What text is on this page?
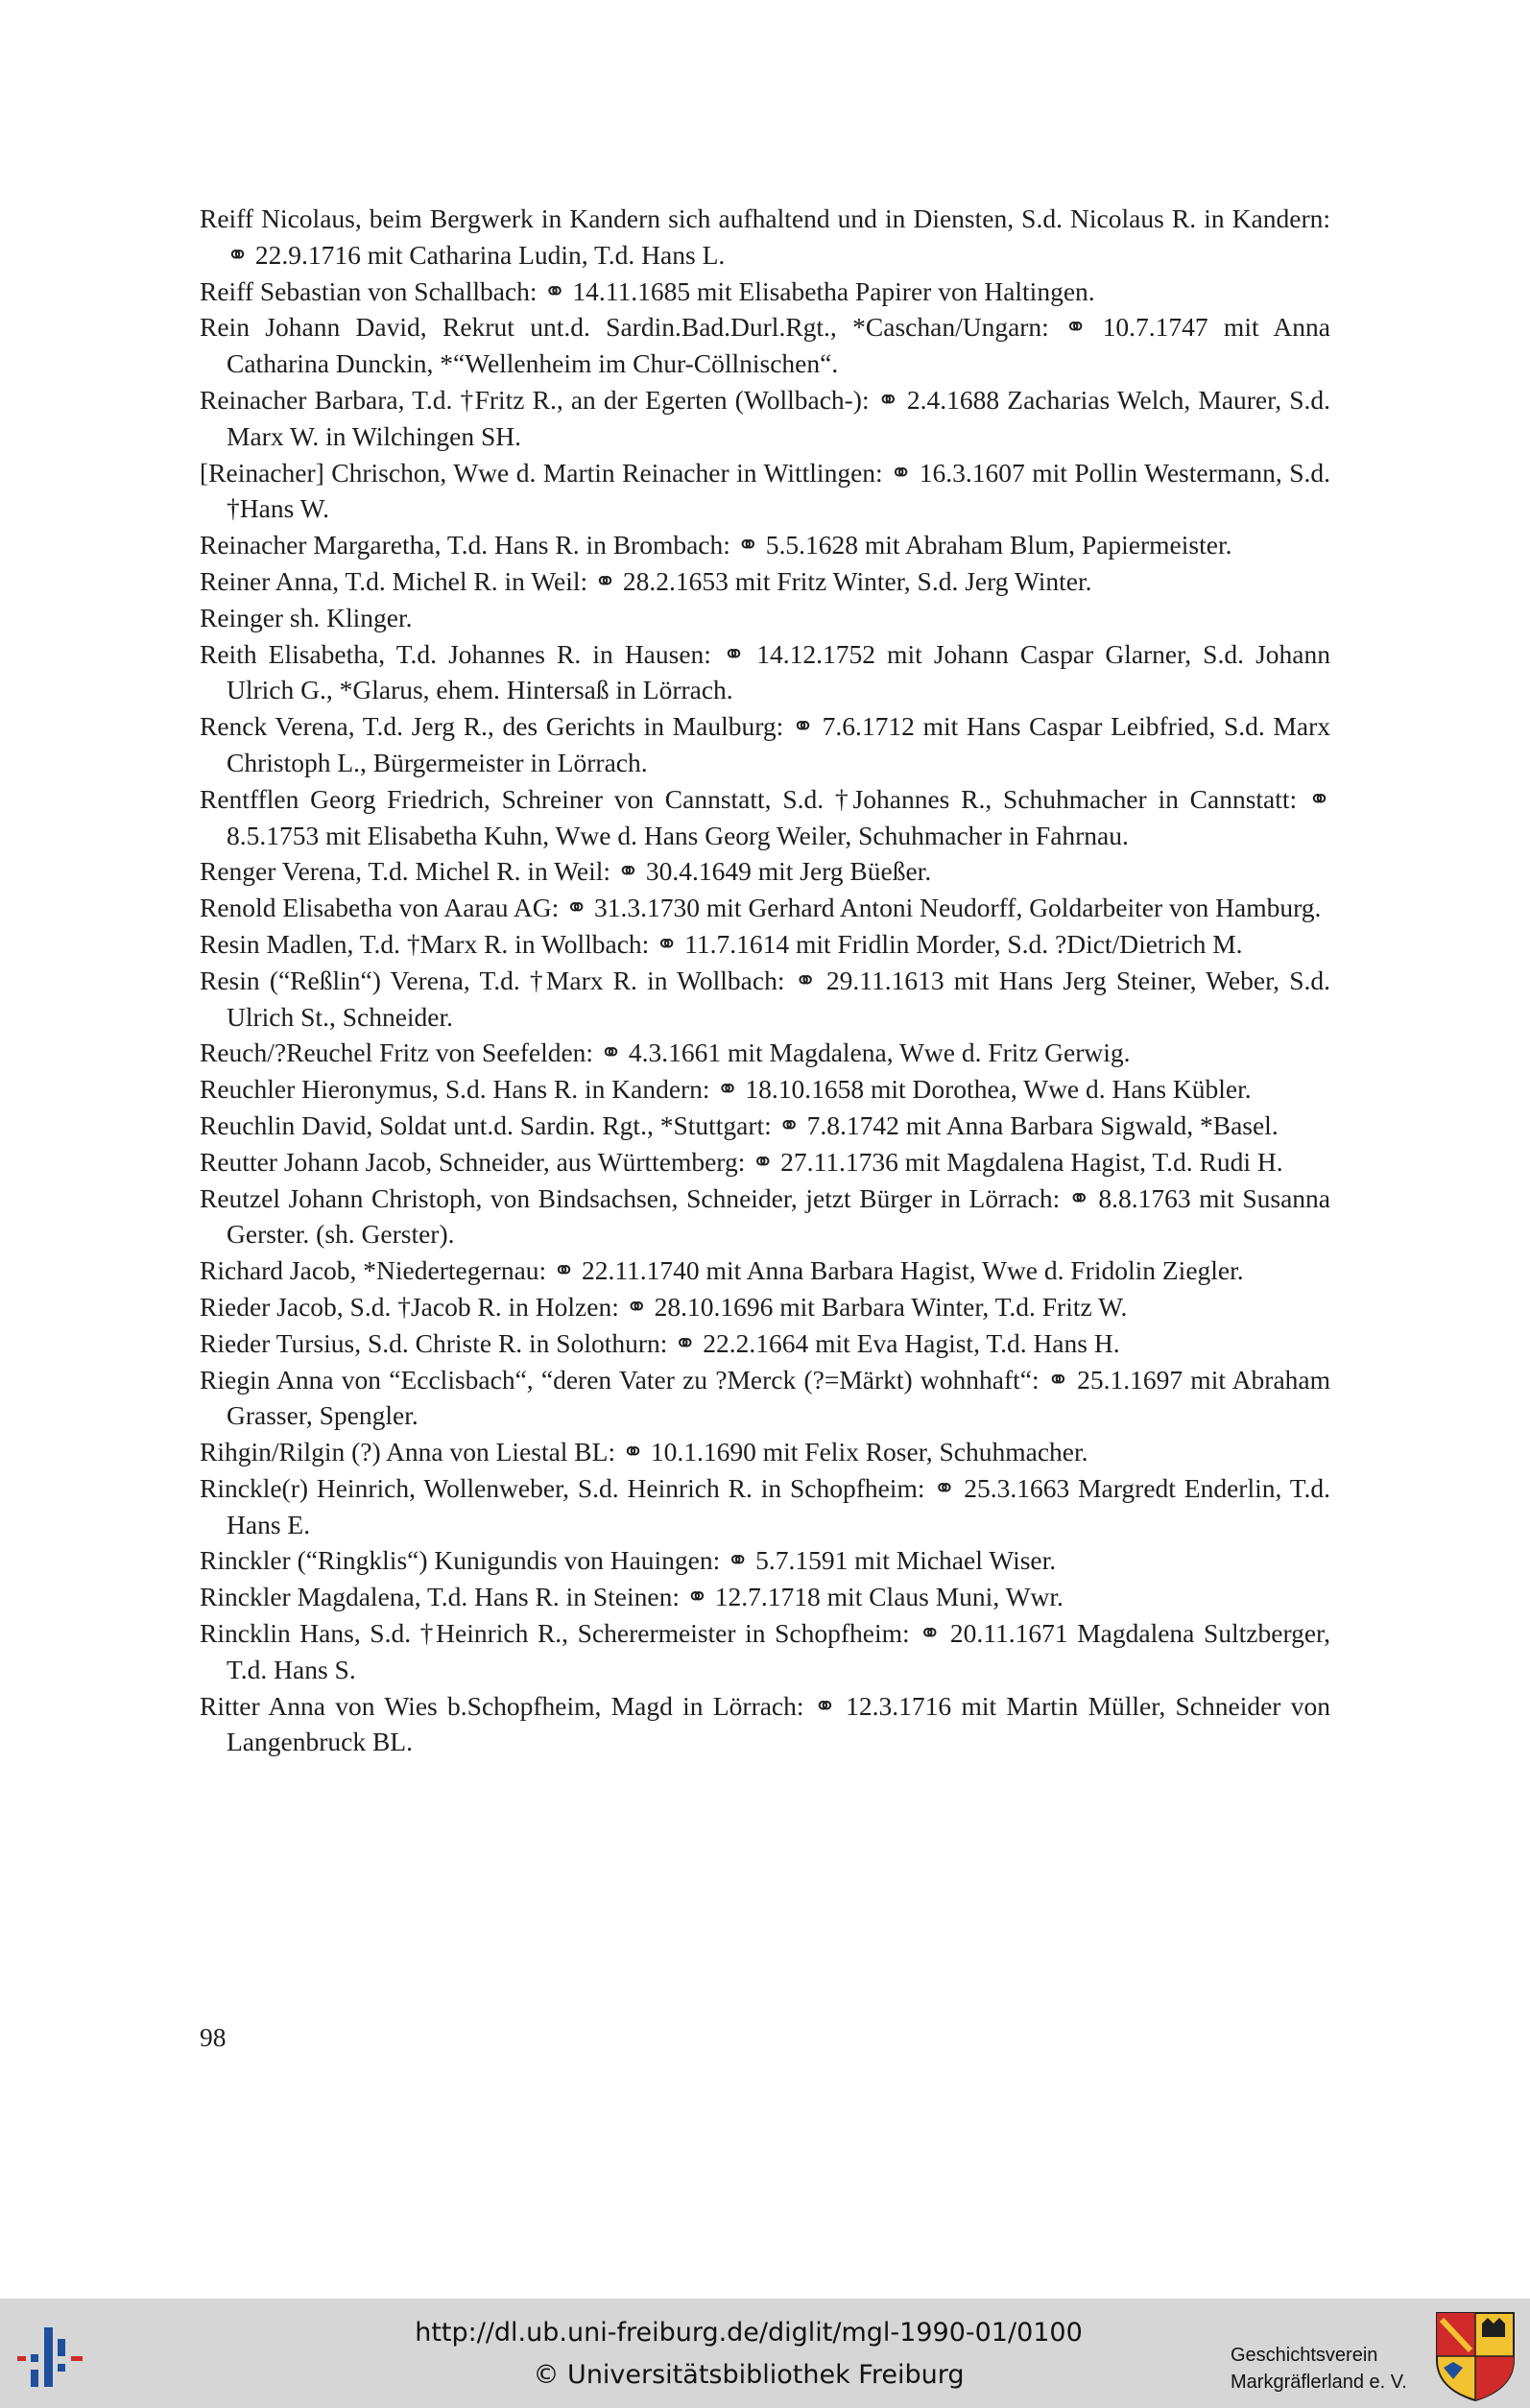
Reiff Nicolaus, beim Bergwerk in Kandern sich aufhaltend und in Diensten, S.d. Nicolaus R. in Kandern: ⚭ 22.9.1716 mit Catharina Ludin, T.d. Hans L.
Reiff Sebastian von Schallbach: ⚭ 14.11.1685 mit Elisabetha Papirer von Haltingen.
Rein Johann David, Rekrut unt.d. Sardin.Bad.Durl.Rgt., *Caschan/Ungarn: ⚭ 10.7.1747 mit Anna Catharina Dunckin, *“Wellenheim im Chur-Cöllnischen“.
Reinacher Barbara, T.d. †Fritz R., an der Egerten (Wollbach-): ⚭ 2.4.1688 Zacharias Welch, Maurer, S.d. Marx W. in Wilchingen SH.
[Reinacher] Chrischon, Wwe d. Martin Reinacher in Wittlingen: ⚭ 16.3.1607 mit Pollin Westermann, S.d. †Hans W.
Reinacher Margaretha, T.d. Hans R. in Brombach: ⚭ 5.5.1628 mit Abraham Blum, Papiermeister.
Reiner Anna, T.d. Michel R. in Weil: ⚭ 28.2.1653 mit Fritz Winter, S.d. Jerg Winter.
Reinger sh. Klinger.
Reith Elisabetha, T.d. Johannes R. in Hausen: ⚭ 14.12.1752 mit Johann Caspar Glarner, S.d. Johann Ulrich G., *Glarus, ehem. Hintersaß in Lörrach.
Renck Verena, T.d. Jerg R., des Gerichts in Maulburg: ⚭ 7.6.1712 mit Hans Caspar Leibfried, S.d. Marx Christoph L., Bürgermeister in Lörrach.
Rentfflen Georg Friedrich, Schreiner von Cannstatt, S.d. †Johannes R., Schuhmacher in Cannstatt: ⚭ 8.5.1753 mit Elisabetha Kuhn, Wwe d. Hans Georg Weiler, Schuhmacher in Fahrnau.
Renger Verena, T.d. Michel R. in Weil: ⚭ 30.4.1649 mit Jerg Büeßer.
Renold Elisabetha von Aarau AG: ⚭ 31.3.1730 mit Gerhard Antoni Neudorff, Goldarbeiter von Hamburg.
Resin Madlen, T.d. †Marx R. in Wollbach: ⚭ 11.7.1614 mit Fridlin Morder, S.d. ?Dict/Dietrich M.
Resin (“Reßlin“) Verena, T.d. †Marx R. in Wollbach: ⚭ 29.11.1613 mit Hans Jerg Steiner, Weber, S.d. Ulrich St., Schneider.
Reuch/?Reuchel Fritz von Seefelden: ⚭ 4.3.1661 mit Magdalena, Wwe d. Fritz Gerwig.
Reuchler Hieronymus, S.d. Hans R. in Kandern: ⚭ 18.10.1658 mit Dorothea, Wwe d. Hans Kübler.
Reuchlin David, Soldat unt.d. Sardin. Rgt., *Stuttgart: ⚭ 7.8.1742 mit Anna Barbara Sigwald, *Basel.
Reutter Johann Jacob, Schneider, aus Württemberg: ⚭ 27.11.1736 mit Magdalena Hagist, T.d. Rudi H.
Reutzel Johann Christoph, von Bindsachsen, Schneider, jetzt Bürger in Lörrach: ⚭ 8.8.1763 mit Susanna Gerster. (sh. Gerster).
Richard Jacob, *Niedertegernau: ⚭ 22.11.1740 mit Anna Barbara Hagist, Wwe d. Fridolin Ziegler.
Rieder Jacob, S.d. †Jacob R. in Holzen: ⚭ 28.10.1696 mit Barbara Winter, T.d. Fritz W.
Rieder Tursius, S.d. Christe R. in Solothurn: ⚭ 22.2.1664 mit Eva Hagist, T.d. Hans H.
Riegin Anna von “Ecclisbach“, “deren Vater zu ?Merck (?=Märkt) wohnhaft“: ⚭ 25.1.1697 mit Abraham Grasser, Spengler.
Rihgin/Rilgin (?) Anna von Liestal BL: ⚭ 10.1.1690 mit Felix Roser, Schuhmacher.
Rinckle(r) Heinrich, Wollenweber, S.d. Heinrich R. in Schopfheim: ⚭ 25.3.1663 Margredt Enderlin, T.d. Hans E.
Rinckler (“Ringklis“) Kunigundis von Hauingen: ⚭ 5.7.1591 mit Michael Wiser.
Rinckler Magdalena, T.d. Hans R. in Steinen: ⚭ 12.7.1718 mit Claus Muni, Wwr.
Rincklin Hans, S.d. †Heinrich R., Scherermeister in Schopfheim: ⚭ 20.11.1671 Magdalena Sultzberger, T.d. Hans S.
Ritter Anna von Wies b.Schopfheim, Magd in Lörrach: ⚭ 12.3.1716 mit Martin Müller, Schneider von Langenbruck BL.
98
http://dl.ub.uni-freiburg.de/diglit/mgl-1990-01/0100
© Universitätsbibliothek Freiburg
Geschichtsverein
Markgräflerland e. V.
